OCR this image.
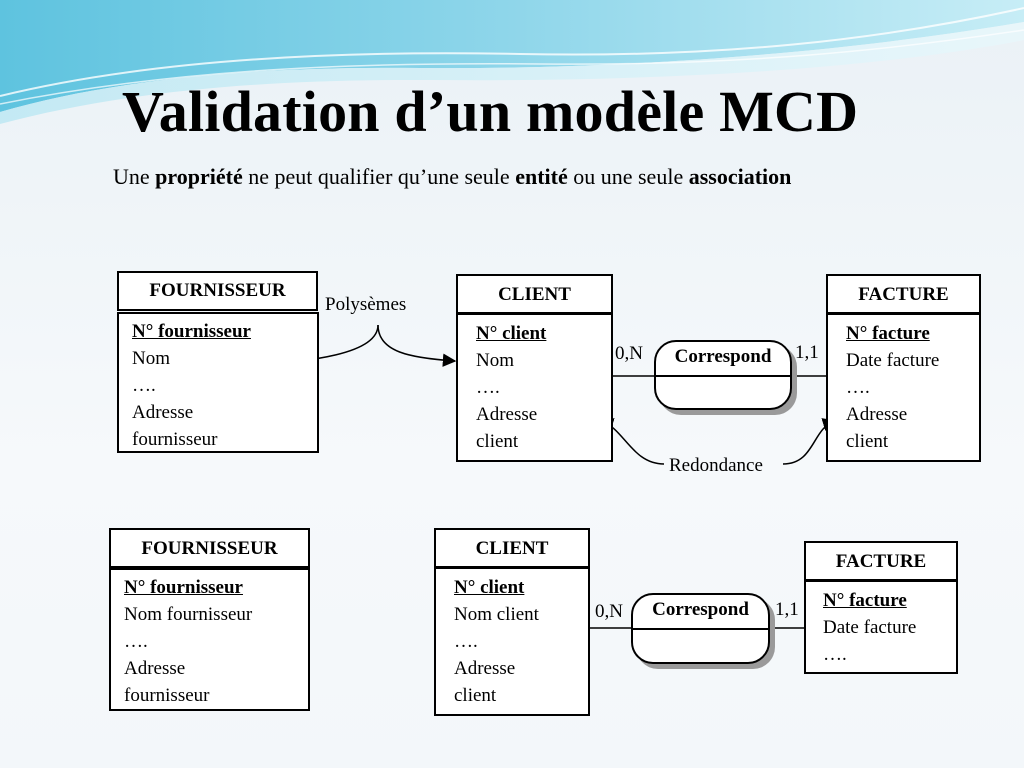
Validation d’un modèle MCD
Une propriété ne peut qualifier qu’une seule entité ou une seule association
FOURNISSEUR
N° fournisseur
Nom
….
Adresse
fournisseur
CLIENT
N° client
Nom
….
Adresse
client
FACTURE
N° facture
Date facture
….
Adresse
client
Correspond
0,N	1,1
Polysèmes
Redondance
FOURNISSEUR
N° fournisseur
Nom fournisseur
….
Adresse
fournisseur
CLIENT
N° client
Nom client
….
Adresse
client
FACTURE
N° facture
Date facture
….
Correspond
0,N	1,1
